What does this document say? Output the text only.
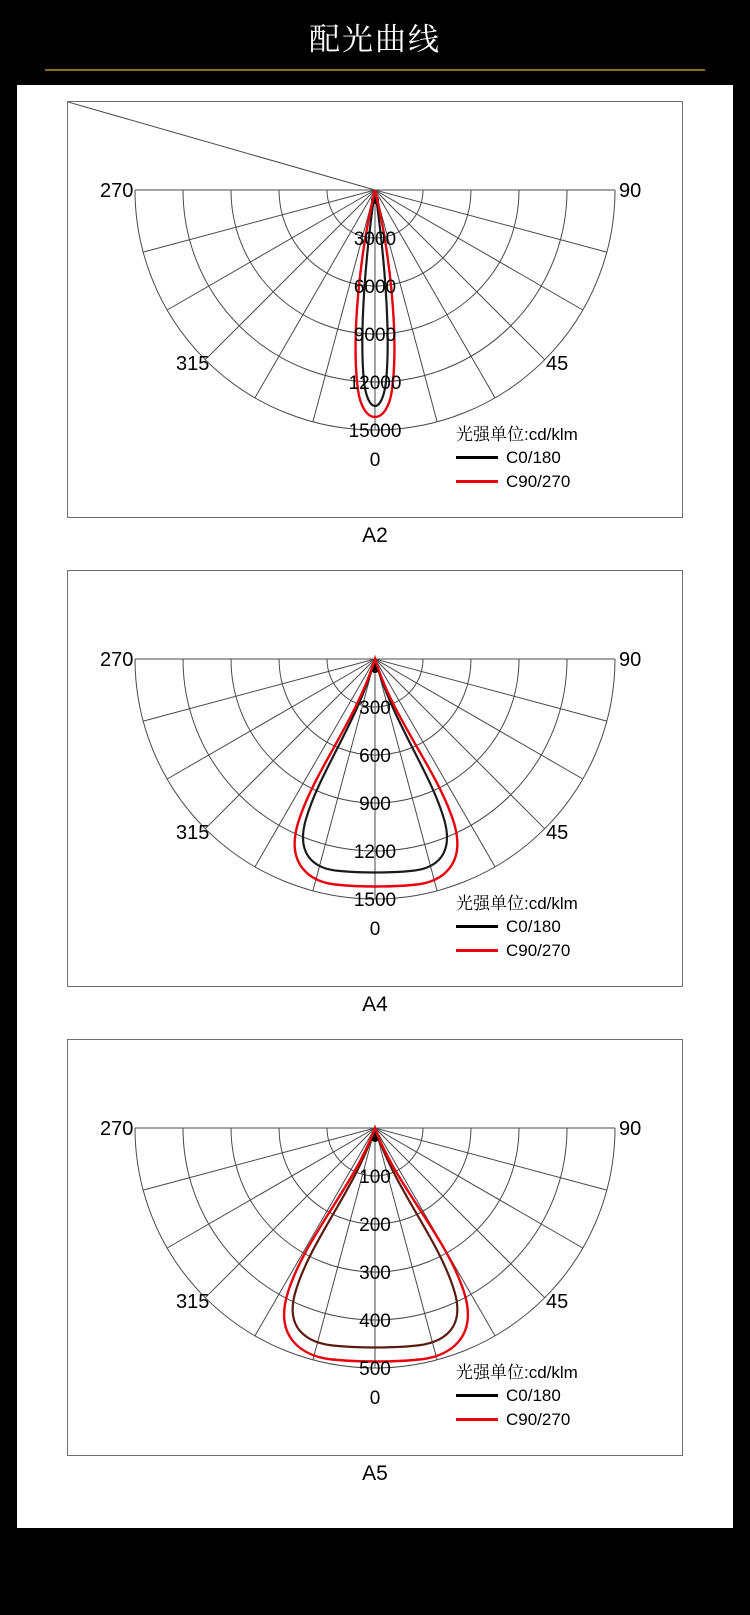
配光曲线
3000
6000
9000
12000
15000
0
270	90
315	45
光强单位:cd/klm
C0/180
C90/270
A2
300
600
900
1200
1500
0
270	90
315	45
光强单位:cd/klm
C0/180
C90/270
A4
100
200
300
400
500
0
270	90
315	45
光强单位:cd/klm
C0/180
C90/270
A5
